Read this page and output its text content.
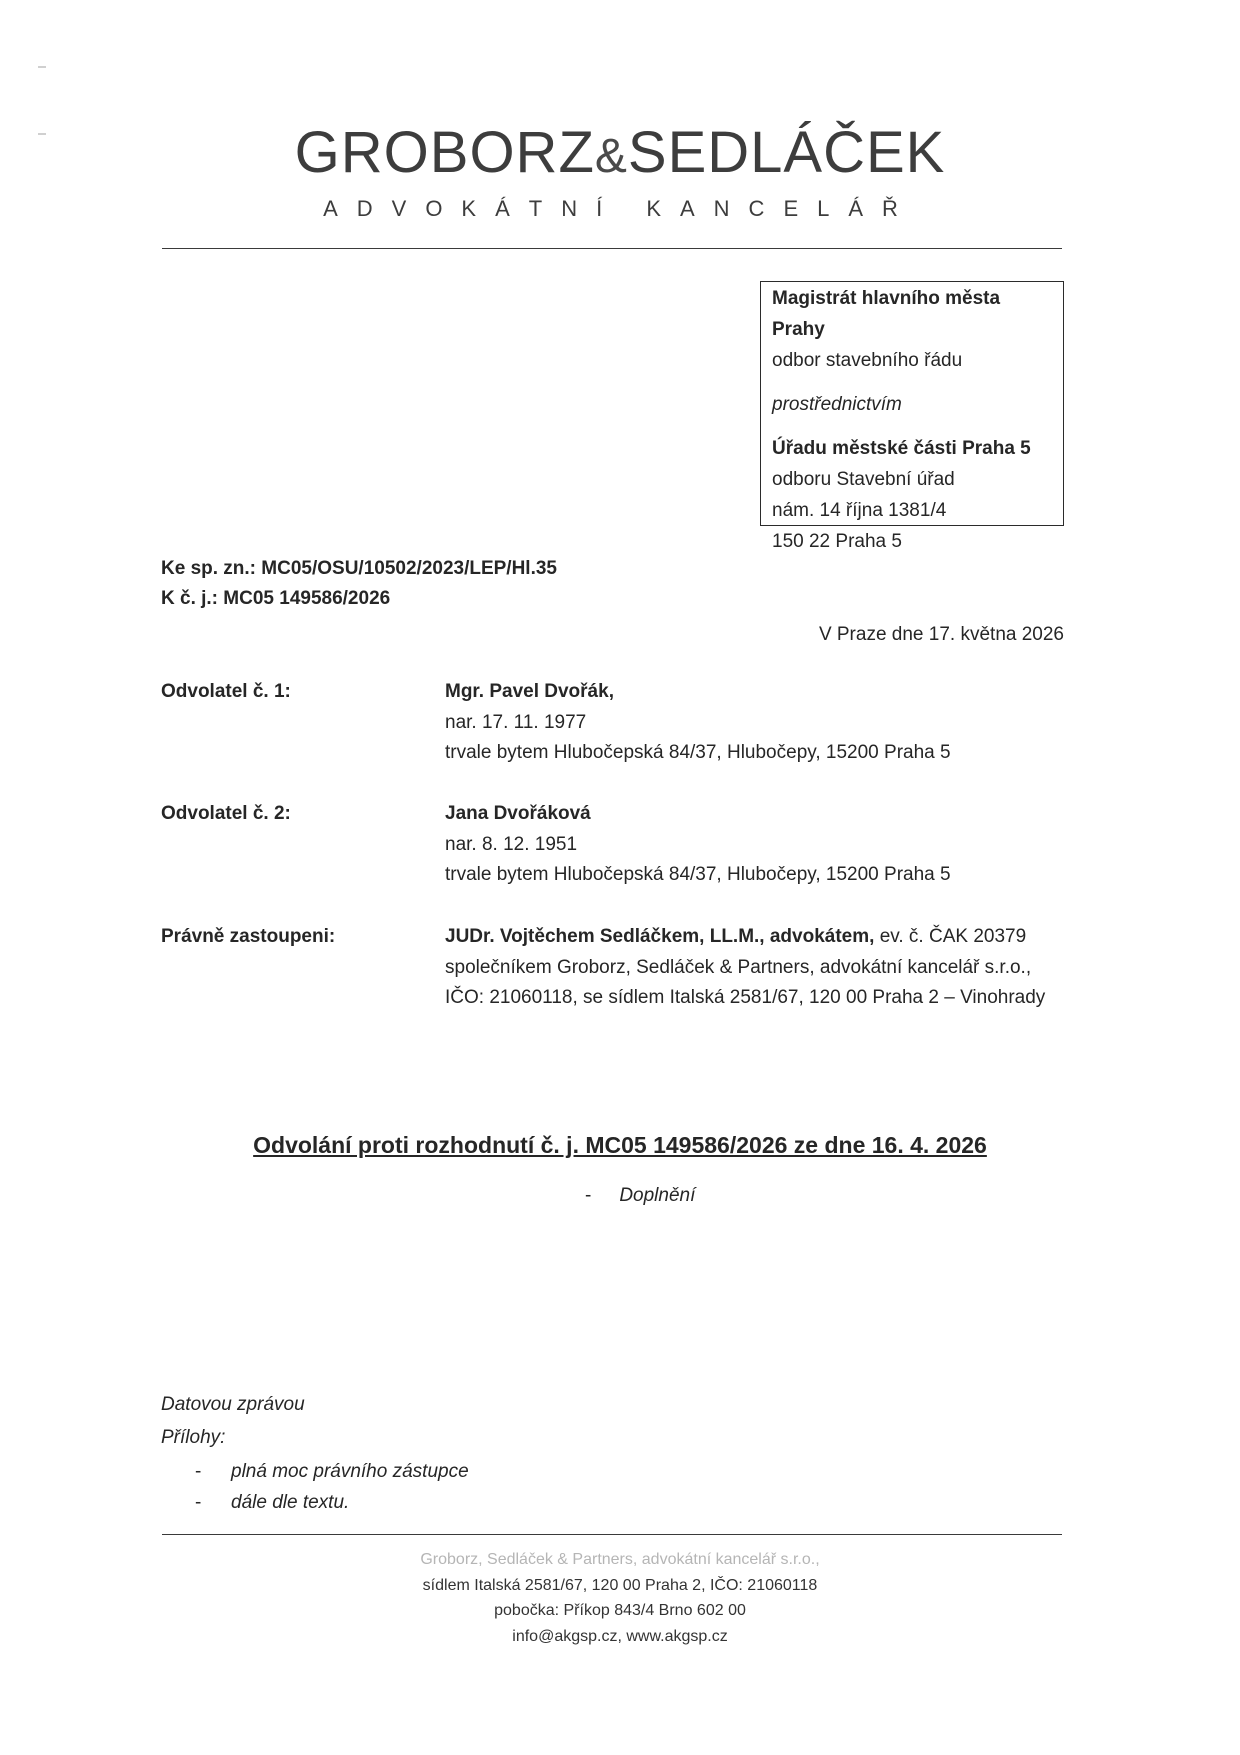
GROBORZ&SEDLÁČEK
ADVOKÁTNÍ KANCELÁŘ
Magistrát hlavního města Prahy
odbor stavebního řádu
prostřednictvím
Úřadu městské části Praha 5
odboru Stavební úřad
nám. 14 října 1381/4
150 22 Praha 5
Ke sp. zn.: MC05/OSU/10502/2023/LEP/Hl.35
K č. j.: MC05 149586/2026
V Praze dne 17. května 2026
Odvolatel č. 1:	Mgr. Pavel Dvořák,
nar. 17. 11. 1977
trvale bytem Hlubočepská 84/37, Hlubočepy, 15200 Praha 5
Odvolatel č. 2:	Jana Dvořáková
nar. 8. 12. 1951
trvale bytem Hlubočepská 84/37, Hlubočepy, 15200 Praha 5
Právně zastoupeni:	JUDr. Vojtěchem Sedláčkem, LL.M., advokátem, ev. č. ČAK 20379
společníkem Groborz, Sedláček & Partners, advokátní kancelář s.r.o.,
IČO: 21060118, se sídlem Italská 2581/67, 120 00 Praha 2 – Vinohrady
Odvolání proti rozhodnutí č. j. MC05 149586/2026 ze dne 16. 4. 2026
- Doplnění
Datovou zprávou
Přílohy:
- plná moc právního zástupce
- dále dle textu.
Groborz, Sedláček & Partners, advokátní kancelář s.r.o.,
sídlem Italská 2581/67, 120 00 Praha 2, IČO: 21060118
pobočka: Příkop 843/4 Brno 602 00
info@akgsp.cz, www.akgsp.cz
